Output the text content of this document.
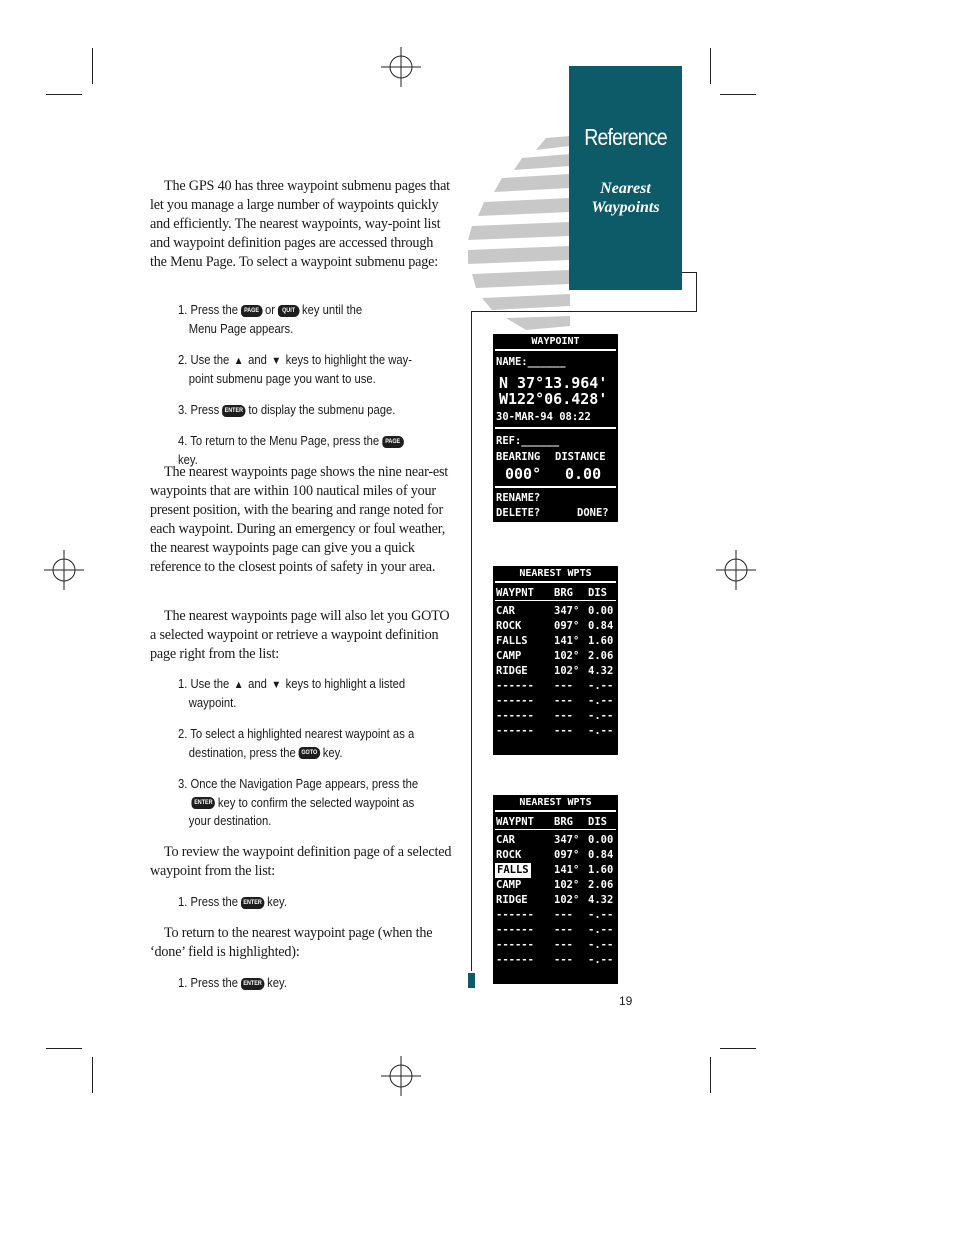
Reference
Nearest
Waypoints
The GPS 40 has three waypoint submenu pages that let you manage a large number of waypoints quickly and efficiently. The nearest waypoints, way-point list and waypoint definition pages are accessed through the Menu Page. To select a waypoint submenu page:
1. Press the PAGE or QUIT key until the
Menu Page appears.
2. Use the ▲ and ▼ keys to highlight the way-
point submenu page you want to use.
3. Press ENTER to display the submenu page.
4. To return to the Menu Page, press the PAGEkey.
The nearest waypoints page shows the nine near-est waypoints that are within 100 nautical miles of your present position, with the bearing and range noted for each waypoint. During an emergency or foul weather, the nearest waypoints page can give you a quick reference to the closest points of safety in your area.
The nearest waypoints page will also let you GOTO a selected waypoint or retrieve a waypoint definition page right from the list:
1. Use the ▲ and ▼ keys to highlight a listed
waypoint.
2. To select a highlighted nearest waypoint as a
destination, press the GOTO key.
3. Once the Navigation Page appears, press the
ENTER key to confirm the selected waypoint as
your destination.
To review the waypoint definition page of a selected waypoint from the list:
1. Press the ENTER key.
To return to the nearest waypoint page (when the ‘done’ field is highlighted):
1. Press the ENTER key.
WAYPOINT
NAME:______
N 37°13.964'
W122°06.428'
30-MAR-94 08:22
REF:______
BEARING DISTANCE
000° 0.00
RENAME?
DELETE?	DONE?
NEAREST WPTS
WAYPNT BRG DIS
CAR	347° 0.00
ROCK	097° 0.84
FALLS	141° 1.60
CAMP	102° 2.06
RIDGE	102° 4.32
------ --- -.--
------ --- -.--
------ --- -.--
------ --- -.--
NEAREST WPTS
WAYPNT BRG DIS
CAR	347° 0.00
ROCK	097° 0.84
FALLS 141° 1.60
CAMP	102° 2.06
RIDGE	102° 4.32
------ --- -.--
------ --- -.--
------ --- -.--
------ --- -.--
19
